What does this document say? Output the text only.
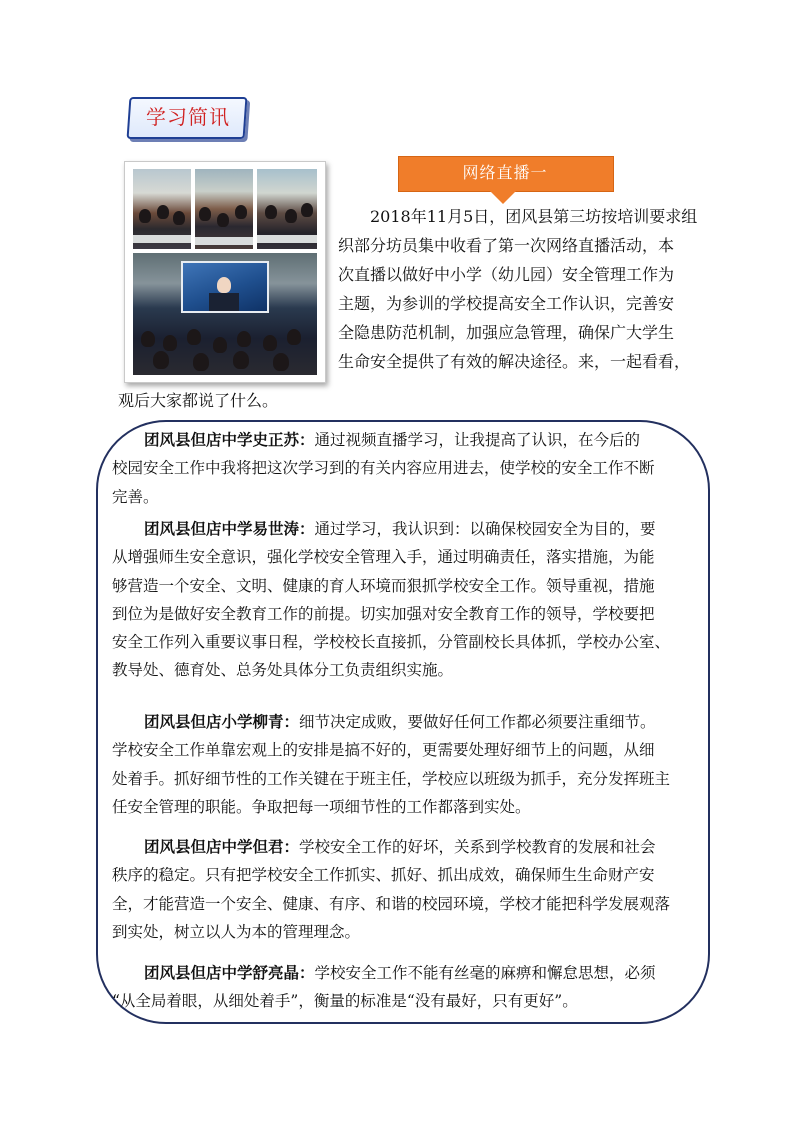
学习简讯
网络直播一
2018年11月5日，团风县第三坊按培训要求组
织部分坊员集中收看了第一次网络直播活动，本
次直播以做好中小学（幼儿园）安全管理工作为
主题，为参训的学校提高安全工作认识，完善安
全隐患防范机制，加强应急管理，确保广大学生
生命安全提供了有效的解决途径。来，一起看看，
观后大家都说了什么。
团风县但店中学史正苏：通过视频直播学习，让我提高了认识，在今后的
校园安全工作中我将把这次学习到的有关内容应用进去，使学校的安全工作不断
完善。
团风县但店中学易世涛：通过学习，我认识到：以确保校园安全为目的，要
从增强师生安全意识，强化学校安全管理入手，通过明确责任，落实措施，为能
够营造一个安全、文明、健康的育人环境而狠抓学校安全工作。领导重视，措施
到位为是做好安全教育工作的前提。切实加强对安全教育工作的领导，学校要把
安全工作列入重要议事日程，学校校长直接抓，分管副校长具体抓，学校办公室、
教导处、德育处、总务处具体分工负责组织实施。
团风县但店小学柳青：细节决定成败，要做好任何工作都必须要注重细节。
学校安全工作单靠宏观上的安排是搞不好的，更需要处理好细节上的问题，从细
处着手。抓好细节性的工作关键在于班主任，学校应以班级为抓手，充分发挥班主
任安全管理的职能。争取把每一项细节性的工作都落到实处。
团风县但店中学但君：学校安全工作的好坏，关系到学校教育的发展和社会
秩序的稳定。只有把学校安全工作抓实、抓好、抓出成效，确保师生生命财产安
全，才能营造一个安全、健康、有序、和谐的校园环境，学校才能把科学发展观落
到实处，树立以人为本的管理理念。
团风县但店中学舒亮晶：学校安全工作不能有丝毫的麻痹和懈怠思想，必须
“从全局着眼，从细处着手”，衡量的标准是“没有最好，只有更好”。
